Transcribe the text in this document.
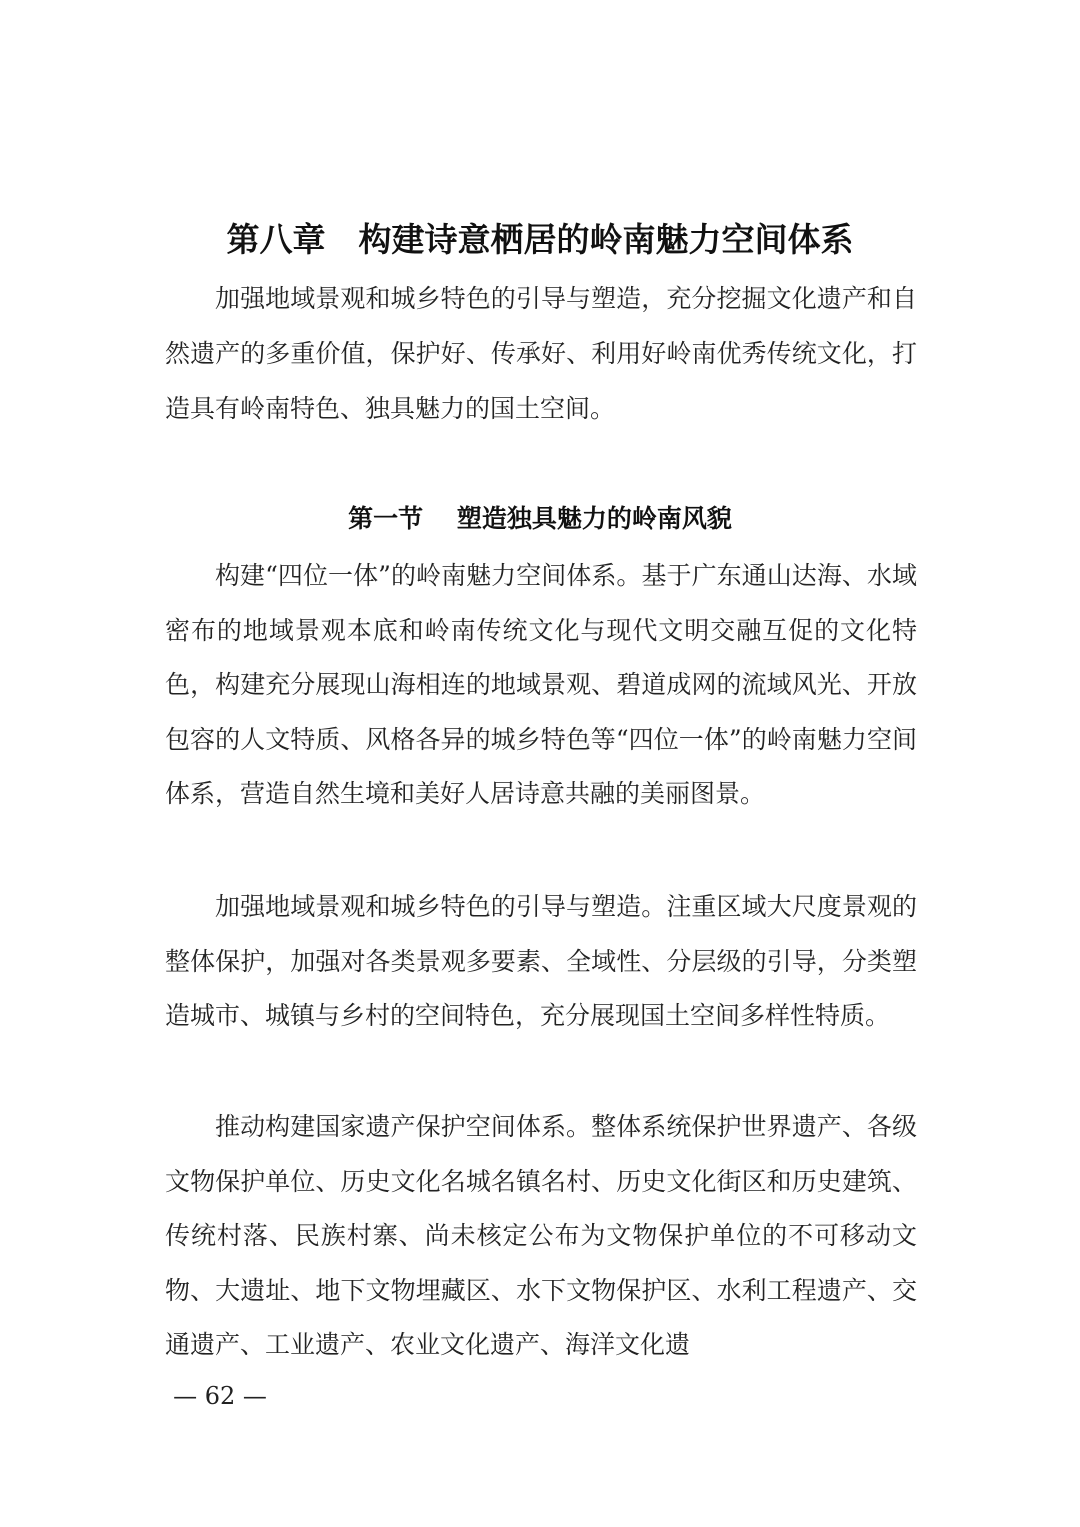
第八章　构建诗意栖居的岭南魅力空间体系

加强地域景观和城乡特色的引导与塑造，充分挖掘文化遗产和自然遗产的多重价值，保护好、传承好、利用好岭南优秀传统文化，打造具有岭南特色、独具魅力的国土空间。

第一节　 塑造独具魅力的岭南风貌

构建“四位一体”的岭南魅力空间体系。基于广东通山达海、水域密布的地域景观本底和岭南传统文化与现代文明交融互促的文化特色，构建充分展现山海相连的地域景观、碧道成网的流域风光、开放包容的人文特质、风格各异的城乡特色等“四位一体”的岭南魅力空间体系，营造自然生境和美好人居诗意共融的美丽图景。

加强地域景观和城乡特色的引导与塑造。注重区域大尺度景观的整体保护，加强对各类景观多要素、全域性、分层级的引导，分类塑造城市、城镇与乡村的空间特色，充分展现国土空间多样性特质。

推动构建国家遗产保护空间体系。整体系统保护世界遗产、各级文物保护单位、历史文化名城名镇名村、历史文化街区和历史建筑、传统村落、民族村寨、尚未核定公布为文物保护单位的不可移动文物、大遗址、地下文物埋藏区、水下文物保护区、水利工程遗产、交通遗产、工业遗产、农业文化遗产、海洋文化遗

— 62 —
